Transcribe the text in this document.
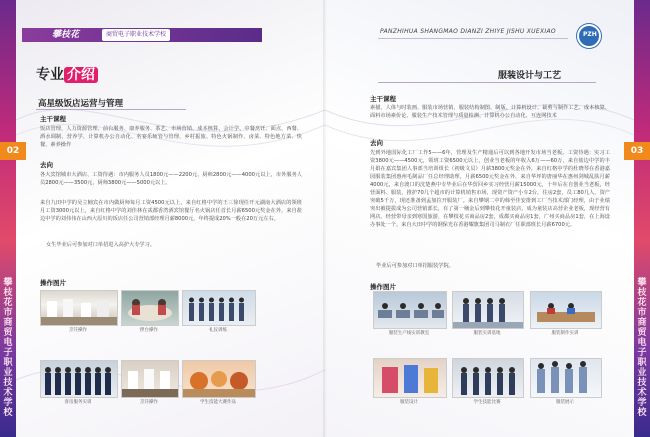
02
攀枝花市商贸电子职业技术学校
攀枝花	商贸电子职业技术学校
专业 介绍
高星级饭店运营与管理
主干课程
饭店管理、人力资源管理、前台服务、康养服务、茶艺、市场营销、成本核算、会计学、中餐烹饪、面点、西餐、酒水调制、营养学、计算机办公自动化、名宴乐师管与管理、乡村振旅、特色火锅制作、卤菜、特色地方菜、快餐、素养操作
去向
各大宾馆城市大酒店、工资待遇：市内服务人员1800元——2200元、厨师2800元——4000元以上，市外服务人员2800元——3500元，厨师3800元——5000元以上。
来自九田中学的吴立楠宾在市内做厨师每月工资4500元以上，来自红格中学的王三徐现任开元湖南大酒店的领班月工资3000元以上，来自红格中学的刘佳林在贰都香湾酒宾馆餐厅名火锅店任首长月薪6500元奖金在外，来自盐边中学的刘伟伟在山西大原川的饭店任公司营销部经理月薪8000元，年终提成20%一般在20万元左右。
女生毕业后可参加对口单招进入高护大专学习。
操作图片
烹饪操作	摆台操作	礼仪训练
客房服务实训	烹饪操作	学生技能大赛作品
03
攀枝花市商贸电子职业技术学校
PANZHIHUA SHANGMAO DIANZI ZHIYE JISHU XUEXIAO	PZH
服装设计与工艺
主干课程
素描、人体与时装画、服装市场营销、服装结构制图、制版、计算机设计、裁剪与制作工艺、成本核算、面料市场素价论、服装生产技术管理与质量检测、计算机办公自动化、互连网技术
去向
先到外地国际化工厂工作5——6年，管理及生产精通后可以到各地开发市场当老板。工资待遇：实习工资3800元——4500元，领班工资6500元以上，创业当老板的年收入6万——60万，来自盐边中学的丰月娟在嘉宾集团人事部当培训组长（初级文员）月薪3800元奖金在外，来自红格中学的杜晓琴在香港嘉园服装集团惠州毛制品厂任总经理助理，月薪6500元奖金在外，来自华坪的唐丽华在惠州剑城乱肤月薪4000元，来自渡口的沈楚燕中专毕业后在华贸回乡实习经营月薪15000元，十年后在自创业当老板，经营面料、服装、推护70几个超市的计算机销售市场，现资产资产小车2台，住房2套，员工80几人，资产突破5千万，现还准备到孟加拉开服装厂。来自攀钢二中的韩至佳安排到工厂当技术部门经理，由于业绩突出被提拔成为公司营销部长，有了第一桶金后到攀枝花开童装店，成为童装店高营企业老板，现经营有网店。经营带母亲到寒国旅游，在攀枝花买商品房2套，成都买商品房1套，广州买商品房1套，在上海设办事处一个。来自大田中学的钢保光在香港耀旗集团司马制衣厂任职部班长月薪6700元。
毕业后可参加对口单招服装学院。
操作图片
服装生产线实训教室	服装实训基地	服装制作实训
服装设计	学生技能比赛	服装展示
